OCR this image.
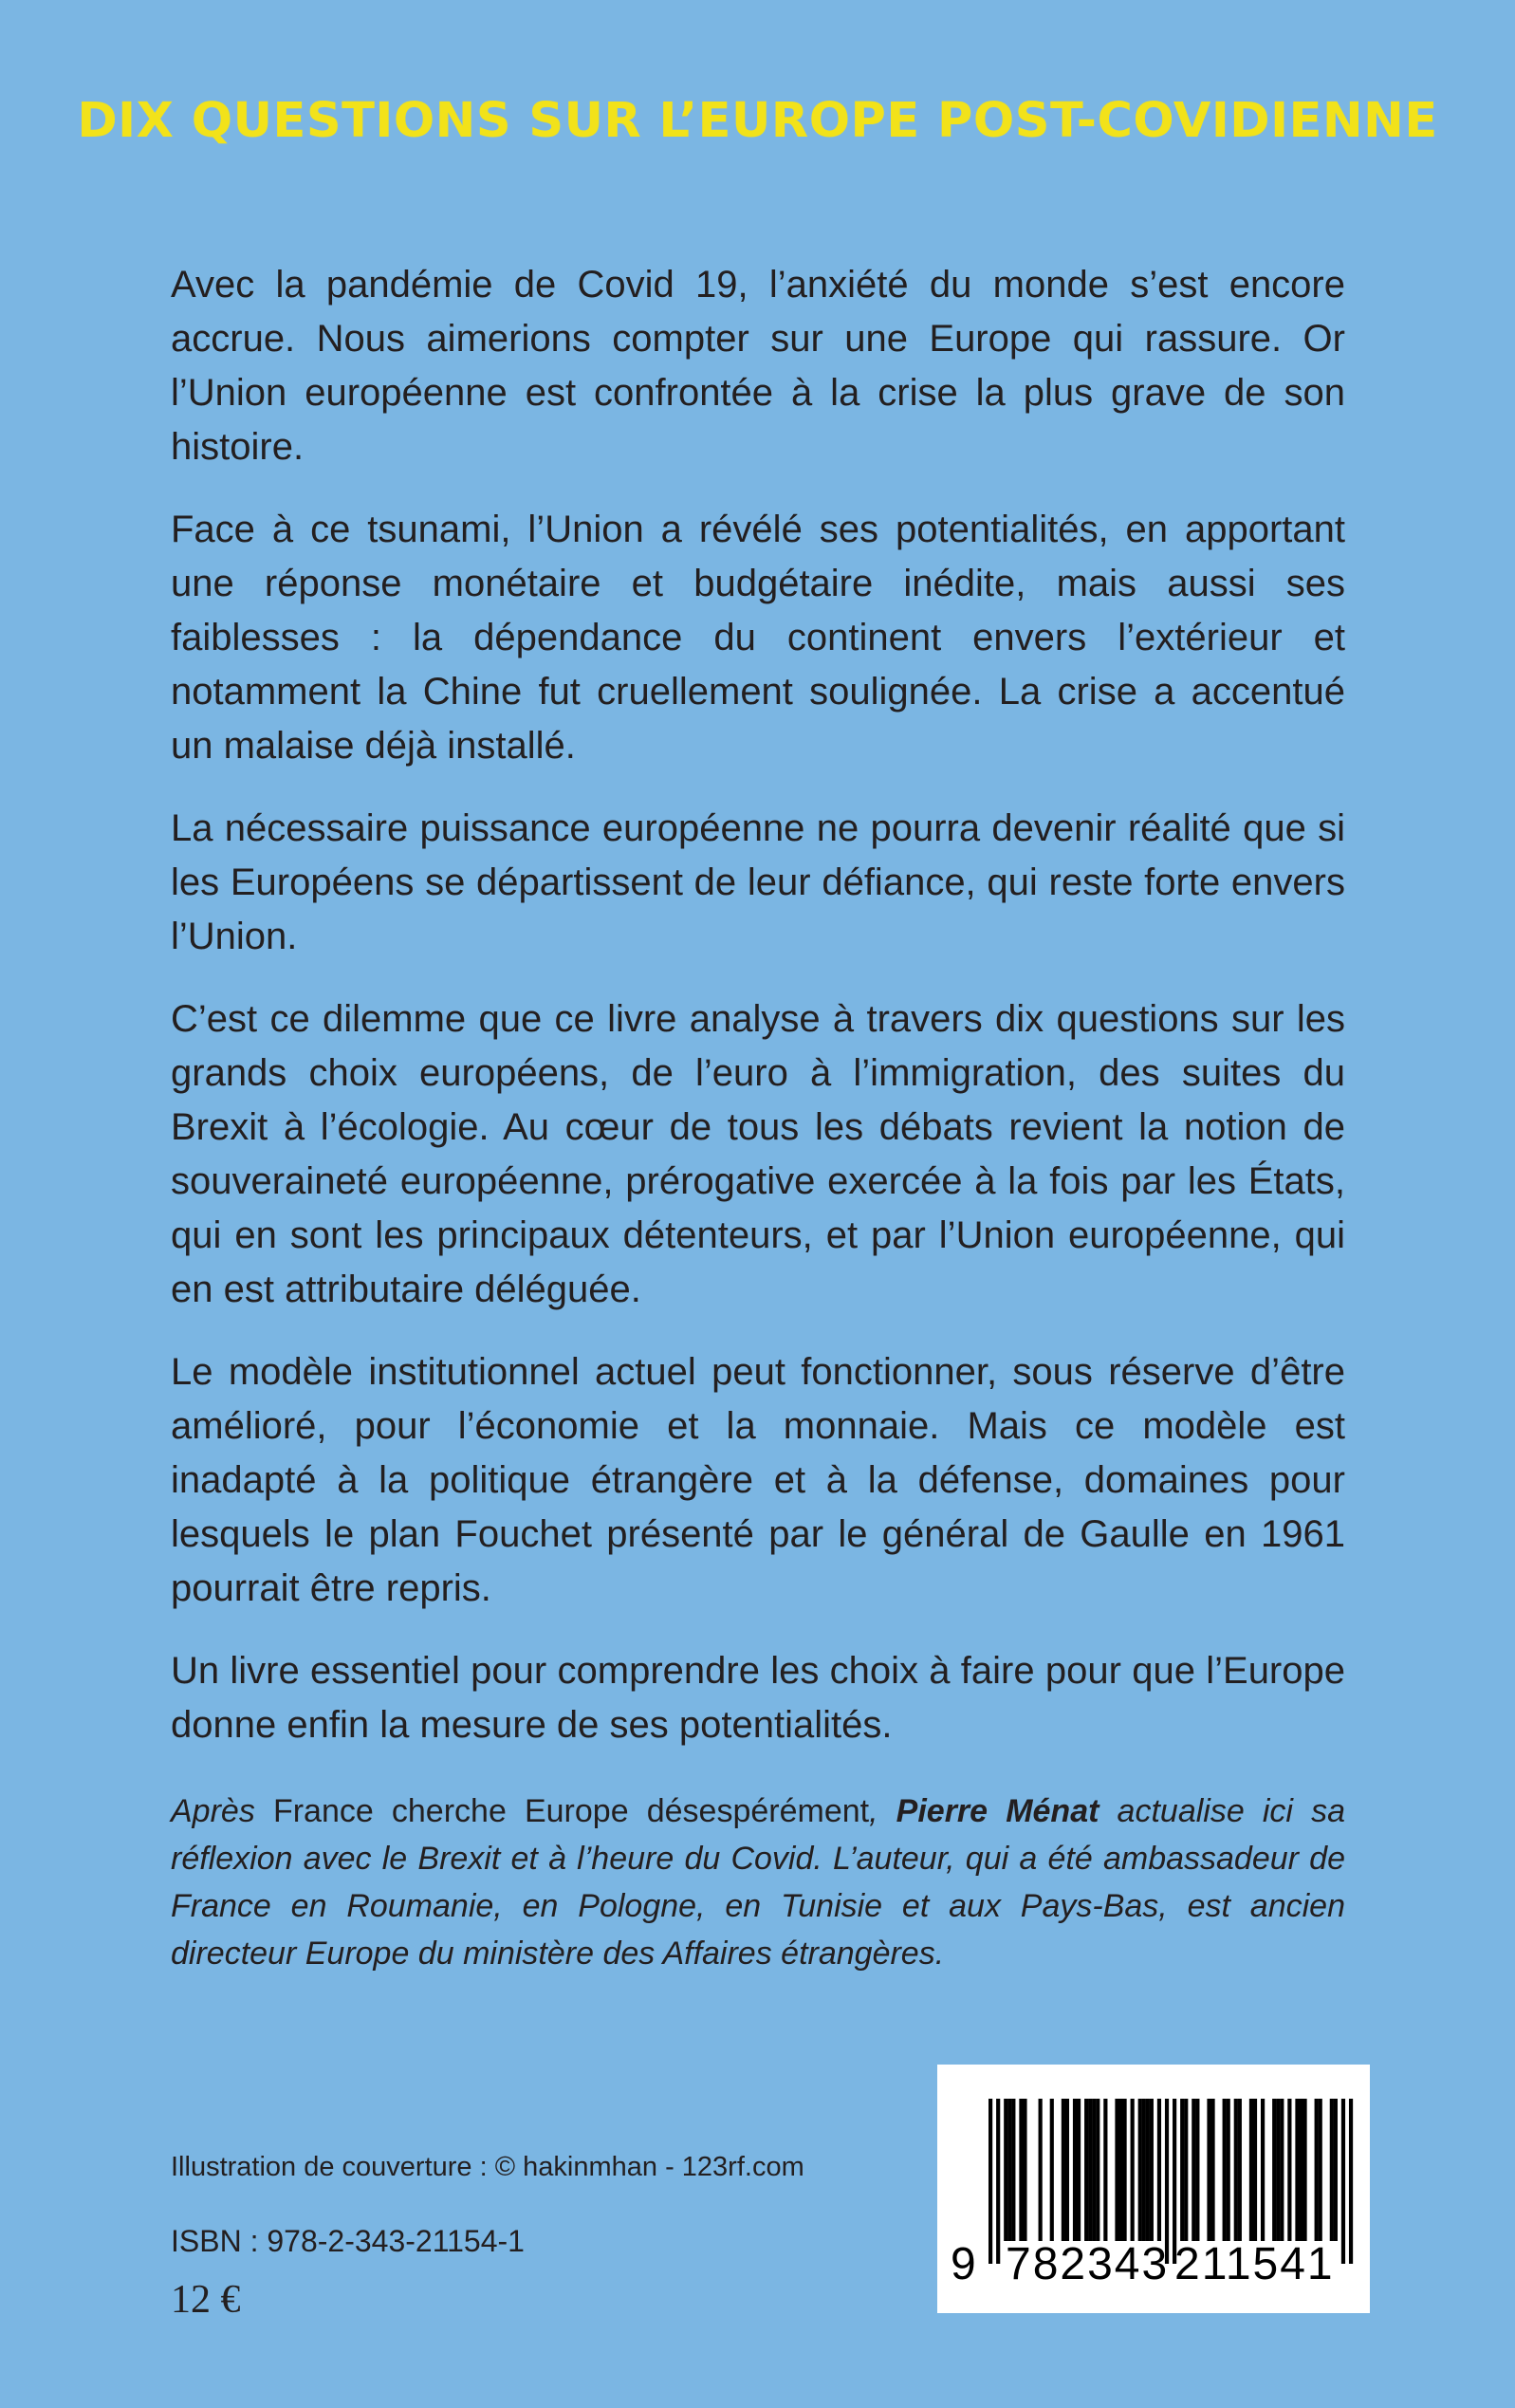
DIX QUESTIONS SUR L’EUROPE POST-COVIDIENNE

Avec la pandémie de Covid 19, l’anxiété du monde s’est encore accrue. Nous aimerions compter sur une Europe qui rassure. Or l’Union européenne est confrontée à la crise la plus grave de son histoire.

Face à ce tsunami, l’Union a révélé ses potentialités, en apportant une réponse monétaire et budgétaire inédite, mais aussi ses faiblesses : la dépendance du continent envers l’extérieur et notamment la Chine fut cruellement soulignée. La crise a accentué un malaise déjà installé.

La nécessaire puissance européenne ne pourra devenir réalité que si les Européens se départissent de leur défiance, qui reste forte envers l’Union.

C’est ce dilemme que ce livre analyse à travers dix questions sur les grands choix européens, de l’euro à l’immigration, des suites du Brexit à l’écologie. Au cœur de tous les débats revient la notion de souveraineté européenne, prérogative exercée à la fois par les États, qui en sont les principaux détenteurs, et par l’Union européenne, qui en est attributaire déléguée.

Le modèle institutionnel actuel peut fonctionner, sous réserve d’être amélioré, pour l’économie et la monnaie. Mais ce modèle est inadapté à la politique étrangère et à la défense, domaines pour lesquels le plan Fouchet présenté par le général de Gaulle en 1961 pourrait être repris.

Un livre essentiel pour comprendre les choix à faire pour que l’Europe donne enfin la mesure de ses potentialités.

Après France cherche Europe désespérément, Pierre Ménat actualise ici sa réflexion avec le Brexit et à l’heure du Covid. L’auteur, qui a été ambassadeur de France en Roumanie, en Pologne, en Tunisie et aux Pays-Bas, est ancien directeur Europe du ministère des Affaires étrangères.

Illustration de couverture : © hakinmhan - 123rf.com
ISBN : 978-2-343-21154-1
12 €
9 782343 211541
